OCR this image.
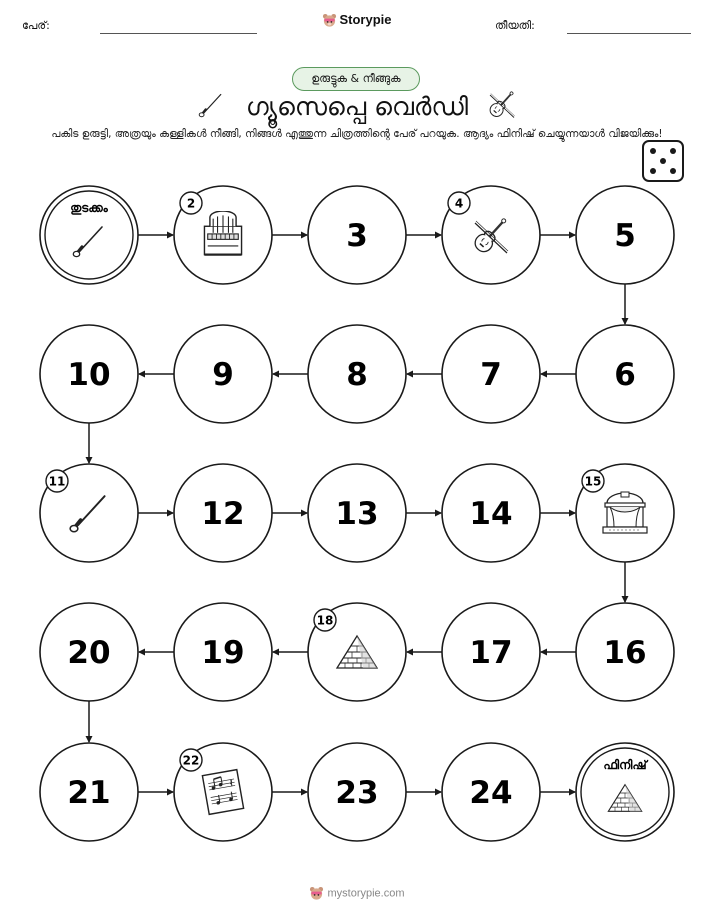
പേര്:	Storypie	തീയതി:
ഉരുട്ടുക & നീങ്ങുക
ഗ്യൂസെപ്പെ വെർഡി
പകിട ഉരുട്ടി, അത്രയും കള്ളികൾ നീങ്ങി, നിങ്ങൾ എത്തുന്ന ചിത്രത്തിന്റെ പേര് പറയുക. ആദ്യം ഫിനിഷ് ചെയ്യുന്നയാൾ വിജയിക്കും!
തുടക്കം	2
3
4
5
6
7
8
9
10
11
12	13	14
15
16
17
18
19
20
21
22
23	24
ഫിനിഷ്
mystorypie.com
